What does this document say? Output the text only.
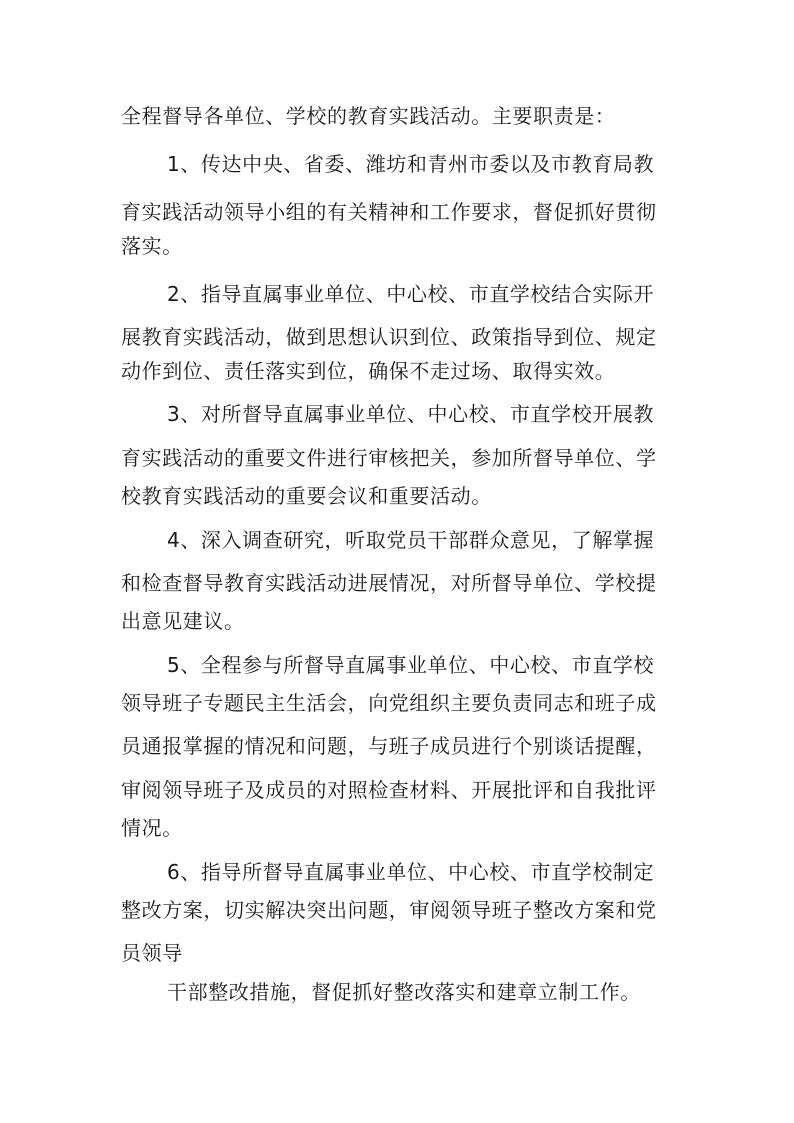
全程督导各单位、学校的教育实践活动。主要职责是：
1、传达中央、省委、潍坊和青州市委以及市教育局教
育实践活动领导小组的有关精神和工作要求，督促抓好贯彻
落实。
2、指导直属事业单位、中心校、市直学校结合实际开
展教育实践活动，做到思想认识到位、政策指导到位、规定
动作到位、责任落实到位，确保不走过场、取得实效。
3、对所督导直属事业单位、中心校、市直学校开展教
育实践活动的重要文件进行审核把关，参加所督导单位、学
校教育实践活动的重要会议和重要活动。
4、深入调查研究，听取党员干部群众意见，了解掌握
和检查督导教育实践活动进展情况，对所督导单位、学校提
出意见建议。
5、全程参与所督导直属事业单位、中心校、市直学校
领导班子专题民主生活会，向党组织主要负责同志和班子成
员通报掌握的情况和问题，与班子成员进行个别谈话提醒，
审阅领导班子及成员的对照检查材料、开展批评和自我批评
情况。
6、指导所督导直属事业单位、中心校、市直学校制定
整改方案，切实解决突出问题，审阅领导班子整改方案和党
员领导
干部整改措施，督促抓好整改落实和建章立制工作。
